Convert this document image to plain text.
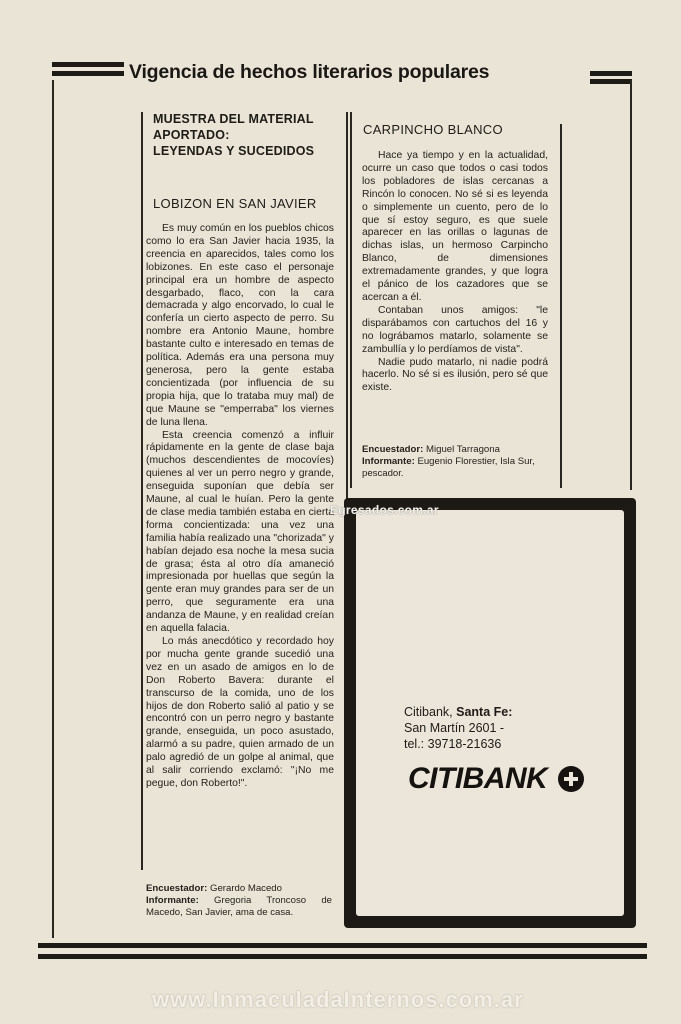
Vigencia de hechos literarios populares
MUESTRA DEL MATERIAL
APORTADO:
LEYENDAS Y SUCEDIDOS
LOBIZON EN SAN JAVIER

Es muy común en los pueblos chicos como lo era San Javier hacia 1935, la creencia en aparecidos, tales como los lobizones. En este caso el personaje principal era un hombre de aspecto desgarbado, flaco, con la cara demacrada y algo encorvado, lo cual le confería un cierto aspecto de perro. Su nombre era Antonio Maune, hombre bastante culto e interesado en temas de política. Además era una persona muy generosa, pero la gente estaba concientizada (por influencia de su propia hija, que lo trataba muy mal) de que Maune se "emperraba" los viernes de luna llena.

Esta creencia comenzó a influir rápidamente en la gente de clase baja (muchos descendientes de mocovíes) quienes al ver un perro negro y grande, enseguida suponían que debía ser Maune, al cual le huían. Pero la gente de clase media también estaba en cierta forma concientizada: una vez una familia había realizado una "chorizada" y habían dejado esa noche la mesa sucia de grasa; ésta al otro día amaneció impresionada por huellas que según la gente eran muy grandes para ser de un perro, que seguramente era una andanza de Maune, y en realidad creían en aquella falacia.

Lo más anecdótico y recordado hoy por mucha gente grande sucedió una vez en un asado de amigos en lo de Don Roberto Bavera: durante el transcurso de la comida, uno de los hijos de don Roberto salió al patio y se encontró con un perro negro y bastante grande, enseguida, un poco asustado, alarmó a su padre, quien armado de un palo agredió de un golpe al animal, que al salir corriendo exclamó: "¡No me pegue, don Roberto!".

Encuestador: Gerardo Macedo
Informante: Gregoria Troncoso de Macedo, San Javier, ama de casa.
CARPINCHO BLANCO

Hace ya tiempo y en la actualidad, ocurre un caso que todos o casi todos los pobladores de islas cercanas a Rincón lo conocen. No sé si es leyenda o simplemente un cuento, pero de lo que sí estoy seguro, es que suele aparecer en las orillas o lagunas de dichas islas, un hermoso Carpincho Blanco, de dimensiones extremadamente grandes, y que logra el pánico de los cazadores que se acercan a él.

Contaban unos amigos: "le disparábamos con cartuchos del 16 y no lográbamos matarlo, solamente se zambullía y lo perdíamos de vista".

Nadie pudo matarlo, ni nadie podrá hacerlo. No sé si es ilusión, pero sé que existe.

Encuestador: Miguel Tarragona
Informante: Eugenio Florestier, Isla Sur, pescador.
Citibank, Santa Fe:
San Martín 2601 -
tel.: 39718-21636
CITIBANK
Egresados.com.ar
www.InmaculadaInternos.com.ar
